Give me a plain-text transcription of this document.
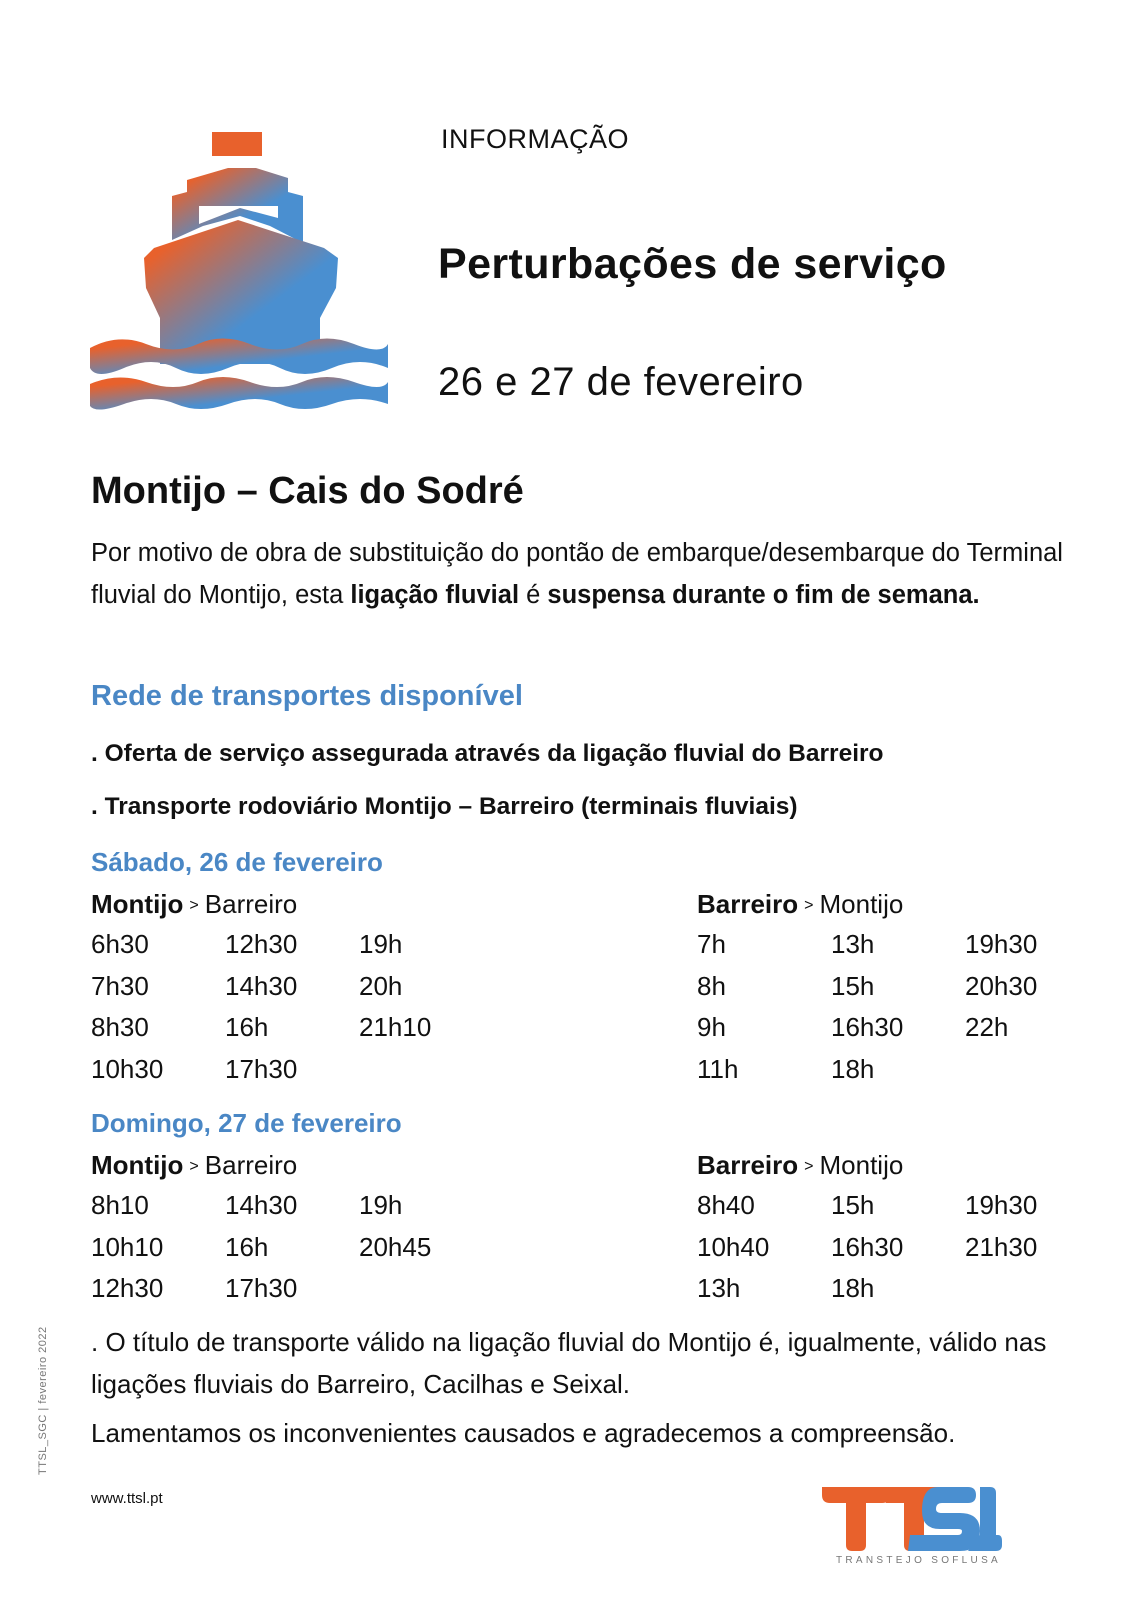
INFORMAÇÃO
Perturbações de serviço
26 e 27 de fevereiro
Montijo – Cais do Sodré
Por motivo de obra de substituição do pontão de embarque/desembarque do Terminal fluvial do Montijo, esta ligação fluvial é suspensa durante o fim de semana.
Rede de transportes disponível
. Oferta de serviço assegurada através da ligação fluvial do Barreiro
. Transporte rodoviário Montijo – Barreiro (terminais fluviais)
Sábado, 26 de fevereiro
Montijo > Barreiro
6h30	12h30	19h
7h30	14h30	20h
8h30	16h	21h10
10h30	17h30
Barreiro > Montijo
7h	13h	19h30
8h	15h	20h30
9h	16h30	22h
11h	18h
Domingo, 27 de fevereiro
Montijo > Barreiro
8h10	14h30	19h
10h10	16h	20h45
12h30	17h30
Barreiro > Montijo
8h40	15h	19h30
10h40	16h30	21h30
13h	18h
. O título de transporte válido na ligação fluvial do Montijo é, igualmente, válido nas ligações fluviais do Barreiro, Cacilhas e Seixal.
Lamentamos os inconvenientes causados e agradecemos a compreensão.
www.ttsl.pt
TTSL_SGC | fevereiro 2022
TRANSTEJO SOFLUSA
